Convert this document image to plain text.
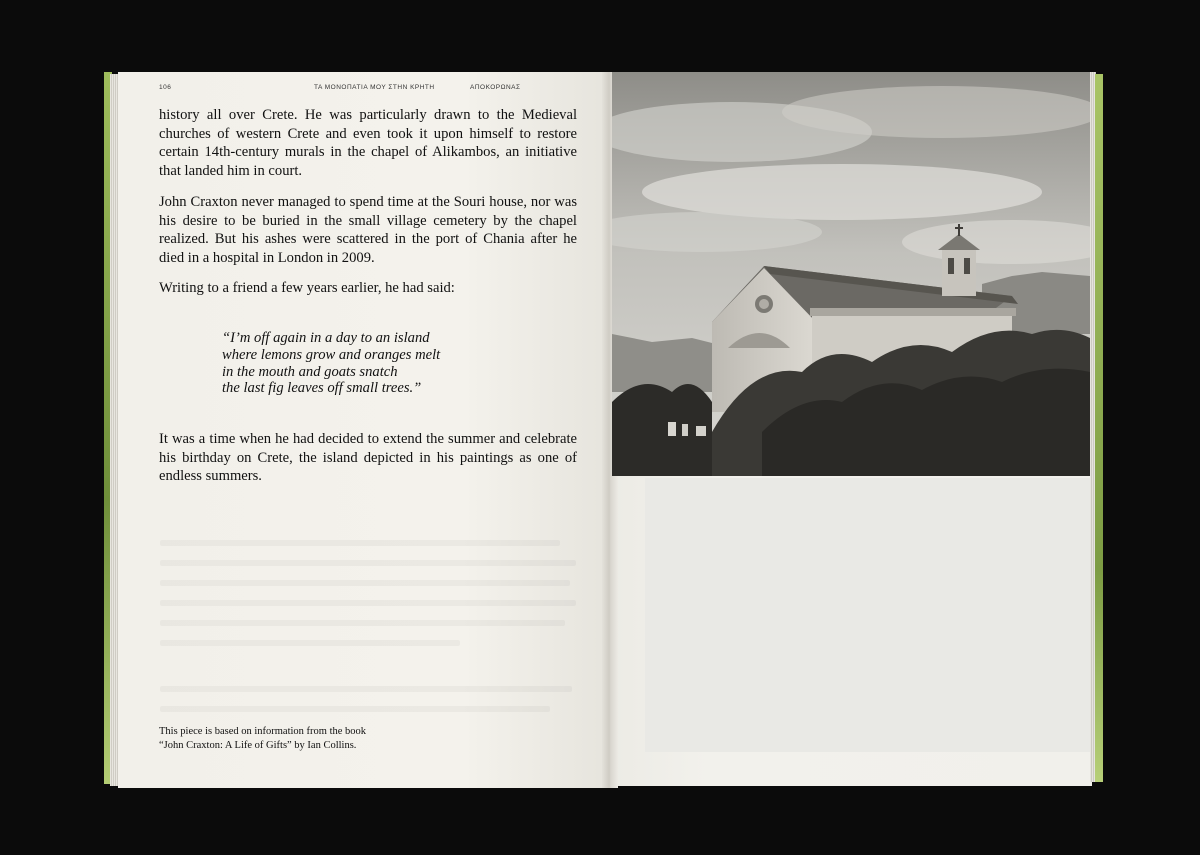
106	ΤΑ ΜΟΝΟΠΑΤΙΑ ΜΟΥ ΣΤΗΝ ΚΡΗΤΗ	ΑΠΟΚΟΡΩΝΑΣ

history all over Crete. He was particularly drawn to the Medieval churches of western Crete and even took it upon himself to restore certain 14th-century murals in the chapel of Alikambos, an initiative that landed him in court.

John Craxton never managed to spend time at the Souri house, nor was his desire to be buried in the small village cemetery by the chapel realized. But his ashes were scattered in the port of Chania after he died in a hospital in London in 2009.

Writing to a friend a few years earlier, he had said:

“I’m off again in a day to an island
where lemons grow and oranges melt
in the mouth and goats snatch
the last fig leaves off small trees.”

It was a time when he had decided to extend the summer and celebrate his birthday on Crete, the island depicted in his paintings as one of endless summers.

This piece is based on information from the book
“John Craxton: A Life of Gifts” by Ian Collins.
